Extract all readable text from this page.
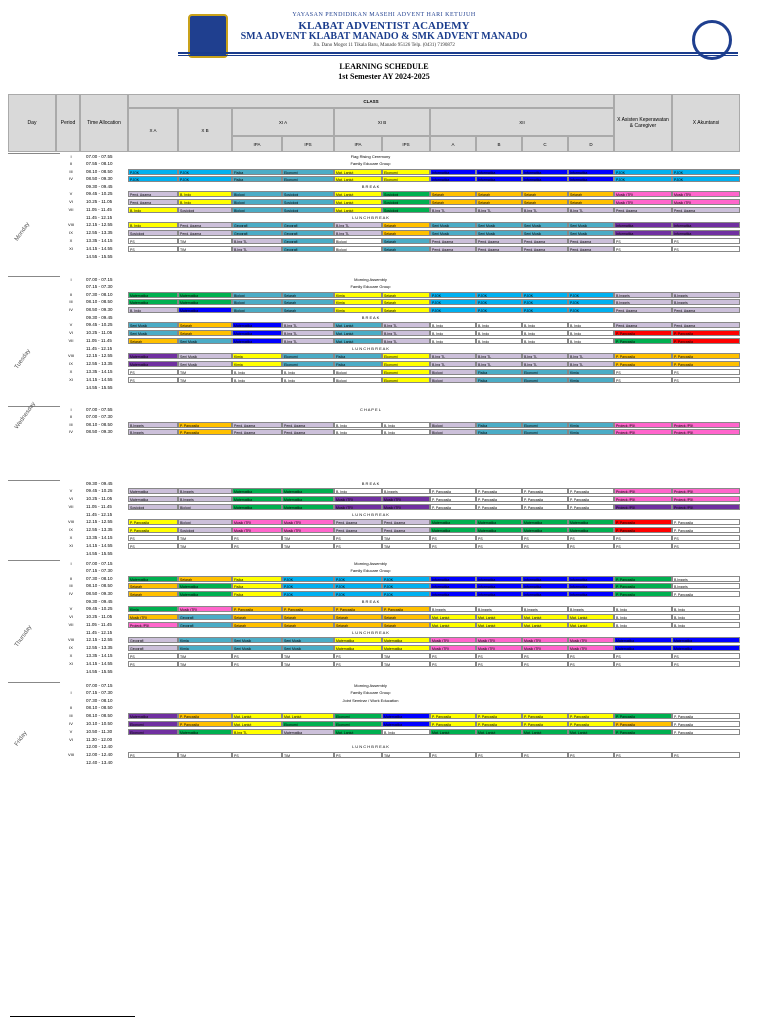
YAYASAN PENDIDIKAN MASEHI ADVENT HARI KETUJUH
KLABAT ADVENTIST ACADEMY
SMA ADVENT KLABAT MANADO & SMK ADVENT MANADO
Jln. Dano Mogot 11 Tikala Baru, Manado 95126 Telp. (0431) 7190872
LEARNING SCHEDULE
1st Semester AY 2024-2025
Day	Period	Time Allocation
CLASS
X A	X B
XI A	XI B	XII
IPA	IPS	IPA	IPS	A	B	C	D
X Asisten Keperawatan & Caregiver	X Akuntansi
Monday
I	07.00 - 07.55	Flag Rising Ceremony
II	07.55 - 08.10	Family Educare Group
III	08.10 - 08.50	PJOK	PJOK	Fisika	Ekonomi	Mat. Lanjut	Ekonomi	Informatika	Informatika	Informatika	Informatika	PJOK	PJOK
IV	08.50 - 09.30	PJOK	PJOK	Fisika	Ekonomi	Mat. Lanjut	Ekonomi	Informatika	Informatika	Informatika	Informatika	PJOK	PJOK
09.30 - 09.45	B R E A K
V	09.45 - 10.25	Pend. Agama	B. Indo	Biologi	Sosiologi	Mat. Lanjut	Sosiologi	Sejarah	Sejarah	Sejarah	Sejarah	Musik (TR)	Musik (TR)
VI	10.25 - 11.05	Pend. Agama	B. Indo	Biologi	Sosiologi	Mat. Lanjut	Sosiologi	Sejarah	Sejarah	Sejarah	Sejarah	Musik (TR)	Musik (TR)
VII	11.05 - 11.45	B. Indo	Sosiologi	Biologi	Sosiologi	Mat. Lanjut	Sosiologi	B.Ing TL	B.Ing TL	B.Ing TL	B.Ing TL	Pend. Agama	Pend. Agama
11.45 - 12.15	L U N C H B R E A K
VIII	12.15 - 12.55	B. Indo	Pend. Agama	Geografi	Geografi	B.Ing TL	Sejarah	Seni Musik	Seni Musik	Seni Musik	Seni Musik	Informatika	Informatika
IX	12.55 - 13.35	Sosiologi	Pend. Agama	Geografi	Geografi	B.Ing TL	Sejarah	Seni Musik	Seni Musik	Seni Musik	Seni Musik	Informatika	Informatika
X	13.35 - 14.15	PS	TIM	B.Ing TL	Geografi	Biologi	Sejarah	Pend. Agama	Pend. Agama	Pend. Agama	Pend. Agama	PS	PS
XI	14.15 - 14.55	PS	TIM	B.Ing TL	Geografi	Biologi	Sejarah	Pend. Agama	Pend. Agama	Pend. Agama	Pend. Agama	PS	PS
14.55 - 15.55
Tuesday
I	07.00 - 07.15	Morning Assembly
07.15 - 07.30	Family Educare Group
II	07.30 - 08.10	Matematika	Matematika	Biologi	Sejarah	Kimia	Sejarah	PJOK	PJOK	PJOK	PJOK	B.Inggris	B.Inggris
III	08.10 - 08.50	Matematika	Matematika	Biologi	Sejarah	Kimia	Sejarah	PJOK	PJOK	PJOK	PJOK	B.Inggris	B.Inggris
IV	08.50 - 09.30	B. Indo	Matematika	Biologi	Sejarah	Kimia	Sejarah	PJOK	PJOK	PJOK	PJOK	Pend. Agama	Pend. Agama
09.30 - 09.45	B R E A K
V	09.45 - 10.25	Seni Musik	Sejarah	Matematika	B.Ing TL	Mat. Lanjut	B.Ing TL	B. Indo	B. Indo	B. Indo	B. Indo	Pend. Agama	Pend. Agama
VI	10.25 - 11.05	Seni Musik	Sejarah	Matematika	B.Ing TL	Mat. Lanjut	B.Ing TL	B. Indo	B. Indo	B. Indo	B. Indo	P. Pancasila	P. Pancasila
VII	11.05 - 11.45	Sejarah	Seni Musik	Matematika	B.Ing TL	Mat. Lanjut	B.Ing TL	B. Indo	B. Indo	B. Indo	B. Indo	P. Pancasila	P. Pancasila
11.45 - 12.15	L U N C H B R E A K
VIII	12.15 - 12.55	Matematika	Seni Musik	Kimia	Ekonomi	Fisika	Ekonomi	B.Ing TL	B.Ing TL	B.Ing TL	B.Ing TL	P. Pancasila	P. Pancasila
IX	12.55 - 13.35	Matematika	Seni Musik	Kimia	Ekonomi	Fisika	Ekonomi	B.Ing TL	B.Ing TL	B.Ing TL	B.Ing TL	P. Pancasila	P. Pancasila
X	13.35 - 14.15	PS	TIM	B. Indo	B. Indo	Biologi	Ekonomi	Biologi	Fisika	Ekonomi	Kimia	PS	PS
XI	14.15 - 14.55	PS	TIM	B. Indo	B. Indo	Biologi	Ekonomi	Biologi	Fisika	Ekonomi	Kimia	PS	PS
14.55 - 15.55
Wednesday	I	07.00 - 07.55	C H A P E L
II	07.00 - 07.30
III	08.10 - 08.50	B.Inggris	P. Pancasila	Pend. Agama	Pend. Agama	B. Indo	B. Indo	Biologi	Fisika	Ekonomi	Kimia	Projeck (P5)	Projeck (P5)
IV	08.50 - 09.30	B.Inggris	P. Pancasila	Pend. Agama	Pend. Agama	B. Indo	B. Indo	Biologi	Fisika	Ekonomi	Kimia	Projeck (P5)	Projeck (P5)
09.30 - 09.45	B R E A K
V	09.45 - 10.25	Matematika	B.Inggris	Matematika	Matematika	B. Indo	B.Inggris	P. Pancasila	P. Pancasila	P. Pancasila	P. Pancasila	Projeck (P5)	Projeck (P5)
VI	10.25 - 11.05	Matematika	B.Inggris	Matematika	Matematika	Musik (TR)	Musik (TR)	P. Pancasila	P. Pancasila	P. Pancasila	P. Pancasila	Projeck (P5)	Projeck (P5)
VII	11.05 - 11.45	Sosiologi	Biologi	Matematika	Matematika	Musik (TR)	Musik (TR)	P. Pancasila	P. Pancasila	P. Pancasila	P. Pancasila	Projeck (P5)	Projeck (P5)
11.45 - 12.15	L U N C H B R E A K
VIII	12.15 - 12.55	P. Pancasila	Biologi	Musik (TR)	Musik (TR)	Pend. Agama	Pend. Agama	Matematika	Matematika	Matematika	Matematika	P. Pancasila	P. Pancasila
IX	12.55 - 13.35	P. Pancasila	Sosiologi	Musik (TR)	Musik (TR)	Pend. Agama	Pend. Agama	Matematika	Matematika	Matematika	Matematika	P. Pancasila	P. Pancasila
X	13.35 - 14.15	PS	TIM	PS	TIM	PS	TIM	PS	PS	PS	PS	PS	PS
XI	14.15 - 14.55	PS	TIM	PS	TIM	PS	TIM	PS	PS	PS	PS	PS	PS
14.55 - 15.55
Thursday
I	07.00 - 07.15	Morning Assembly
07.15 - 07.30	Family Educare Group
II	07.30 - 08.10	Matematika	Sejarah	Fisika	PJOK	PJOK	PJOK	Informatika	Informatika	Informatika	Informatika	P. Pancasila	B.Inggris
III	08.10 - 08.50	Sejarah	Matematika	Fisika	PJOK	PJOK	PJOK	Informatika	Informatika	Informatika	Informatika	P. Pancasila	B.Inggris
IV	08.50 - 09.30	Sejarah	Matematika	Fisika	PJOK	PJOK	PJOK	Informatika	Informatika	Informatika	Informatika	P. Pancasila	P. Pancasila
09.30 - 09.45	B R E A K
V	09.45 - 10.25	Kimia	Musik (TR)	P. Pancasila	P. Pancasila	P. Pancasila	P. Pancasila	B.Inggris	B.Inggris	B.Inggris	B.Inggris	B. Indo	B. Indo
VI	10.25 - 11.05	Musik (TR)	Geografi	Sejarah	Sejarah	Sejarah	Sejarah	Mat. Lanjut	Mat. Lanjut	Mat. Lanjut	Mat. Lanjut	B. Indo	B. Indo
VII	11.05 - 11.45	Projeck (P5)	Geografi	Sejarah	Sejarah	Sejarah	Sejarah	Mat. Lanjut	Mat. Lanjut	Mat. Lanjut	Mat. Lanjut	B. Indo	B. Indo
11.45 - 12.15	L U N C H B R E A K
VIII	12.15 - 12.55	Geografi	Kimia	Seni Musik	Seni Musik	Matematika	Matematika	Musik (TR)	Musik (TR)	Musik (TR)	Musik (TR)	Matematika	Matematika
IX	12.55 - 13.35	Geografi	Kimia	Seni Musik	Seni Musik	Matematika	Matematika	Musik (TR)	Musik (TR)	Musik (TR)	Musik (TR)	Matematika	Matematika
X	13.35 - 14.15	PS	TIM	PS	TIM	PS	TIM	PS	PS	PS	PS	PS	PS
XI	14.15 - 14.55	PS	TIM	PS	TIM	PS	TIM	PS	PS	PS	PS	PS	PS
14.55 - 15.55
Friday
07.00 - 07.15	Morning Assembly
I	07.15 - 07.30	Family Educare Group
07.30 - 08.10	Joint Seminar / Work Education
II	08.10 - 08.50
III	08.10 - 08.50	Matematika	P. Pancasila	Mat. Lanjut	Mat. Lanjut	Ekonomi	Matematika	P. Pancasila	P. Pancasila	P. Pancasila	P. Pancasila	P. Pancasila	P. Pancasila
IV	10.10 - 10.50	Ekonomi	P. Pancasila	Mat. Lanjut	Ekonomi	Ekonomi	Matematika	P. Pancasila	P. Pancasila	P. Pancasila	P. Pancasila	P. Pancasila	P. Pancasila
V	10.50 - 11.30	Ekonomi	Matematika	B.Ing TL	Matematika	Mat. Lanjut	B. Indo	Mat. Lanjut	Mat. Lanjut	Mat. Lanjut	Mat. Lanjut	P. Pancasila	P. Pancasila
VI	11.30 - 12.00
12.00 - 12.40	L U N C H B R E A K
VIII	12.00 - 12.40	PS	TIM	PS	TIM	PS	TIM	PS	PS	PS	PS	PS	PS
12.40 - 13.40
